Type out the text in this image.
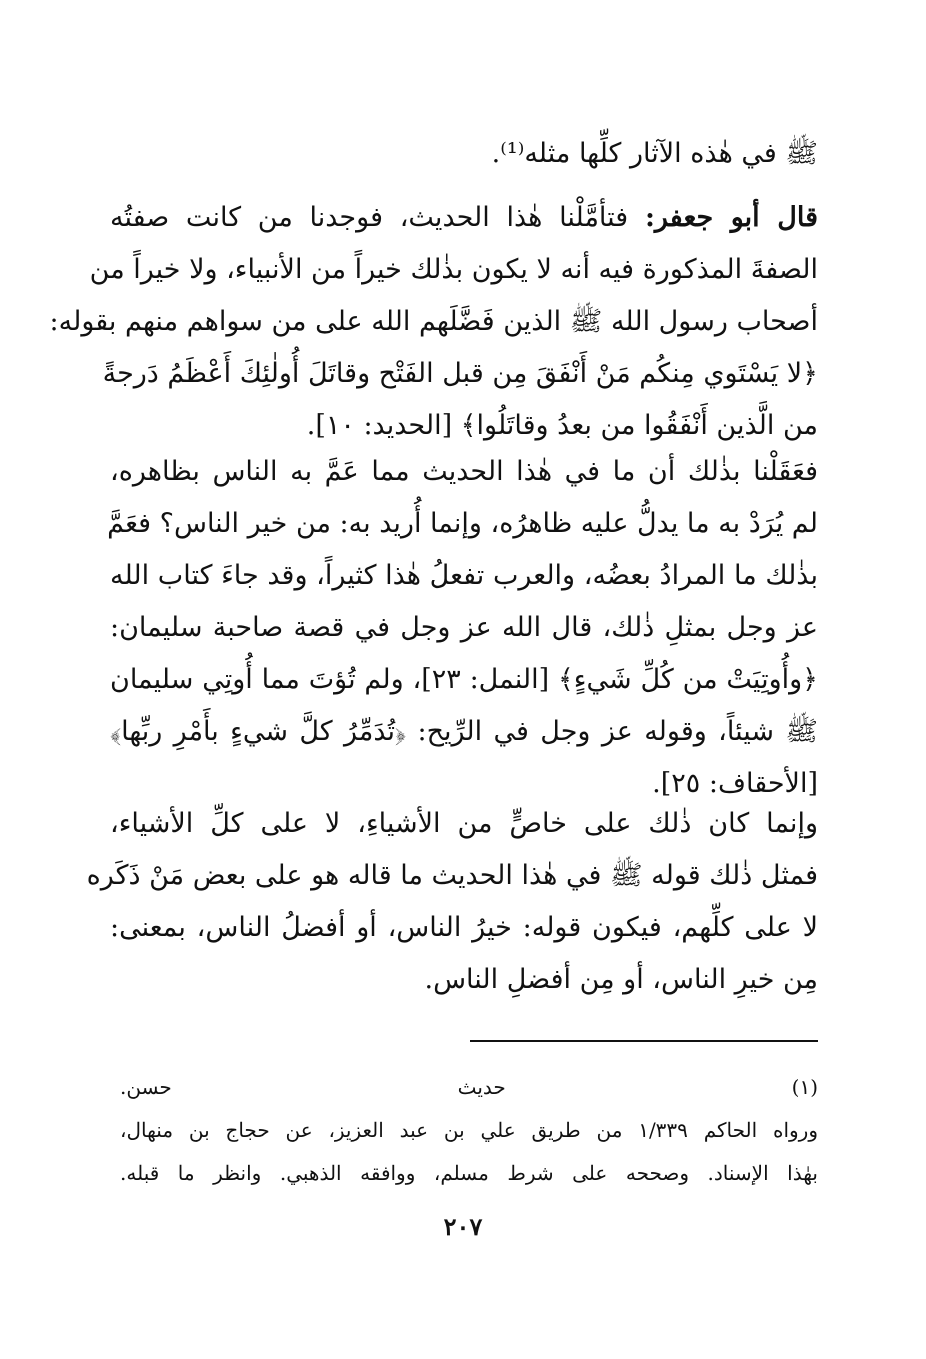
ﷺ في هٰذه الآثار كلِّها مثله⁽¹⁾.
قال أبو جعفر: فتأمَّلْنا هٰذا الحديث، فوجدنا من كانت صفتُه
الصفةَ المذكورة فيه أنه لا يكون بذٰلك خيراً من الأنبياء، ولا خيراً من
أصحاب رسول الله ﷺ الذين فَضَّلَهم الله على من سواهم منهم بقوله:
﴿لا يَسْتَوي مِنكُم مَنْ أَنْفَقَ مِن قبل الفَتْح وقاتَلَ أُولٰئِكَ أَعْظَمُ دَرجةً
من الَّذين أَنْفَقُوا من بعدُ وقاتَلُوا﴾ [الحديد: ١٠].
فعَقَلْنا بذٰلك أن ما في هٰذا الحديث مما عَمَّ به الناس بظاهره،
لم يُرَدْ به ما يدلُّ عليه ظاهرُه، وإنما أُريد به: من خير الناس؟ فعَمَّ
بذٰلك ما المرادُ بعضُه، والعرب تفعلُ هٰذا كثيراً، وقد جاءَ كتاب الله
عز وجل بمثلِ ذٰلك، قال الله عز وجل في قصة صاحبة سليمان:
﴿وأُوتِيَتْ من كُلِّ شَيءٍ﴾ [النمل: ٢٣]، ولم تُؤتَ مما أُوتِي سليمان
ﷺ شيئاً، وقوله عز وجل في الرِّيح: ﴿تُدَمِّرُ كلَّ شيءٍ بأَمْرِ ربِّها﴾
[الأحقاف: ٢٥].
وإنما كان ذٰلك على خاصٍّ من الأشياءِ، لا على كلِّ الأشياء،
فمثل ذٰلك قوله ﷺ في هٰذا الحديث ما قاله هو على بعض مَنْ ذَكَره
لا على كلِّهم، فيكون قوله: خيرُ الناس، أو أفضلُ الناس، بمعنى:
مِن خيرِ الناس، أو مِن أفضلِ الناس.
(١) حديث حسن.
ورواه الحاكم ١/٣٣٩ من طريق علي بن عبد العزيز، عن حجاج بن منهال،
بهٰذا الإسناد. وصححه على شرط مسلم، ووافقه الذهبي. وانظر ما قبله.
٢٠٧
